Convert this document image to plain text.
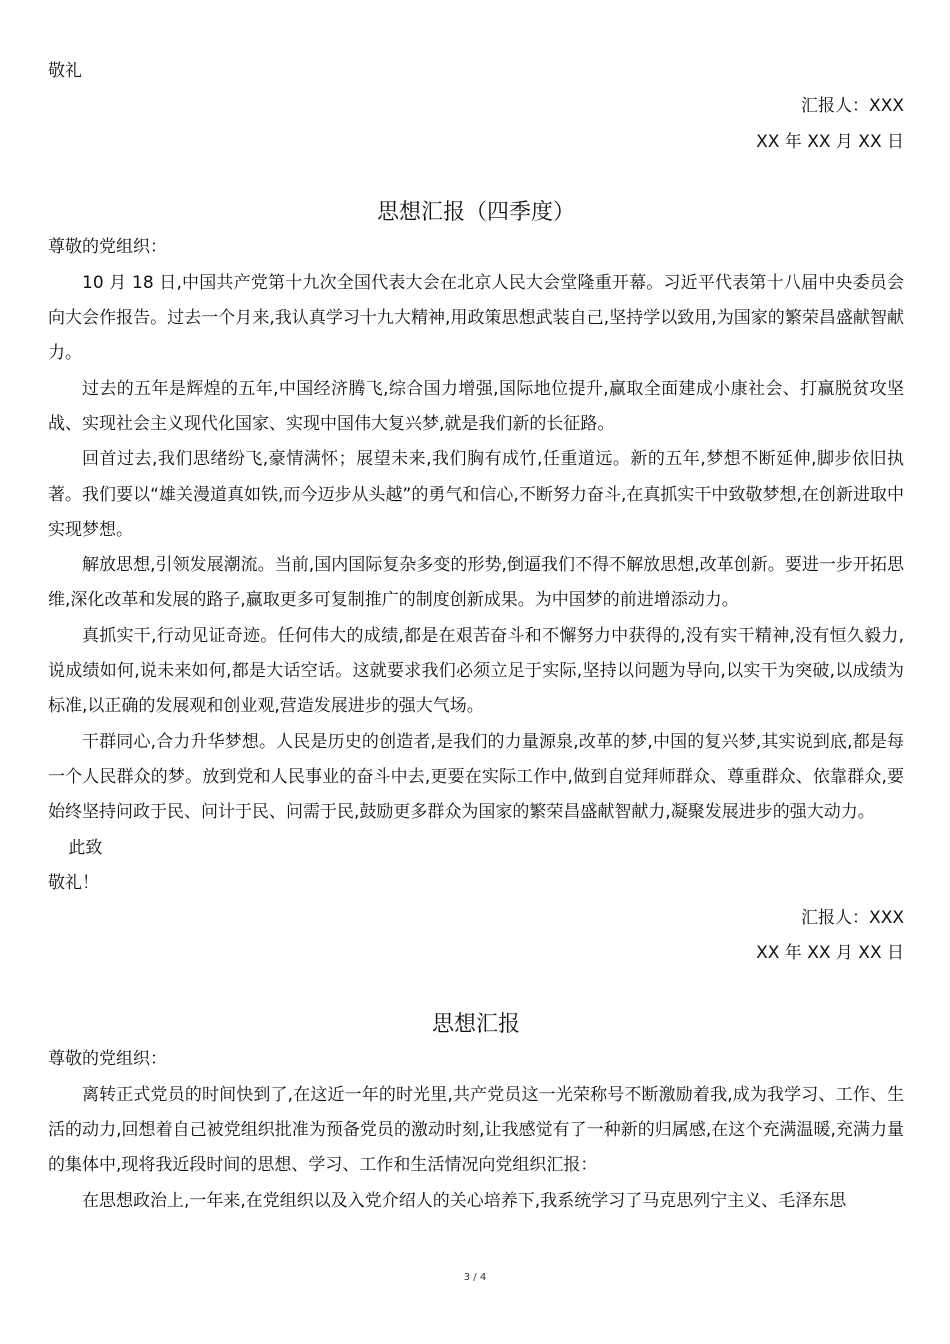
敬礼
汇报人：XXX
XX 年 XX 月 XX 日
思想汇报（四季度）
尊敬的党组织：

10 月 18 日,中国共产党第十九次全国代表大会在北京人民大会堂隆重开幕。习近平代表第十八届中央委员会向大会作报告。过去一个月来,我认真学习十九大精神,用政策思想武装自己,坚持学以致用,为国家的繁荣昌盛献智献力。

过去的五年是辉煌的五年,中国经济腾飞,综合国力增强,国际地位提升,赢取全面建成小康社会、打赢脱贫攻坚战、实现社会主义现代化国家、实现中国伟大复兴梦,就是我们新的长征路。

回首过去,我们思绪纷飞,豪情满怀；展望未来,我们胸有成竹,任重道远。新的五年,梦想不断延伸,脚步依旧执著。我们要以“雄关漫道真如铁,而今迈步从头越”的勇气和信心,不断努力奋斗,在真抓实干中致敬梦想,在创新进取中实现梦想。

解放思想,引领发展潮流。当前,国内国际复杂多变的形势,倒逼我们不得不解放思想,改革创新。要进一步开拓思维,深化改革和发展的路子,赢取更多可复制推广的制度创新成果。为中国梦的前进增添动力。

真抓实干,行动见证奇迹。任何伟大的成绩,都是在艰苦奋斗和不懈努力中获得的,没有实干精神,没有恒久毅力,说成绩如何,说未来如何,都是大话空话。这就要求我们必须立足于实际,坚持以问题为导向,以实干为突破,以成绩为标准,以正确的发展观和创业观,营造发展进步的强大气场。

干群同心,合力升华梦想。人民是历史的创造者,是我们的力量源泉,改革的梦,中国的复兴梦,其实说到底,都是每一个人民群众的梦。放到党和人民事业的奋斗中去,更要在实际工作中,做到自觉拜师群众、尊重群众、依靠群众,要始终坚持问政于民、问计于民、问需于民,鼓励更多群众为国家的繁荣昌盛献智献力,凝聚发展进步的强大动力。

此致
敬礼！
汇报人：XXX
XX 年 XX 月 XX 日
思想汇报
尊敬的党组织：

离转正式党员的时间快到了,在这近一年的时光里,共产党员这一光荣称号不断激励着我,成为我学习、工作、生活的动力,回想着自己被党组织批准为预备党员的激动时刻,让我感觉有了一种新的归属感,在这个充满温暖,充满力量的集体中,现将我近段时间的思想、学习、工作和生活情况向党组织汇报：

在思想政治上,一年来,在党组织以及入党介绍人的关心培养下,我系统学习了马克思列宁主义、毛泽东思

3 / 4
